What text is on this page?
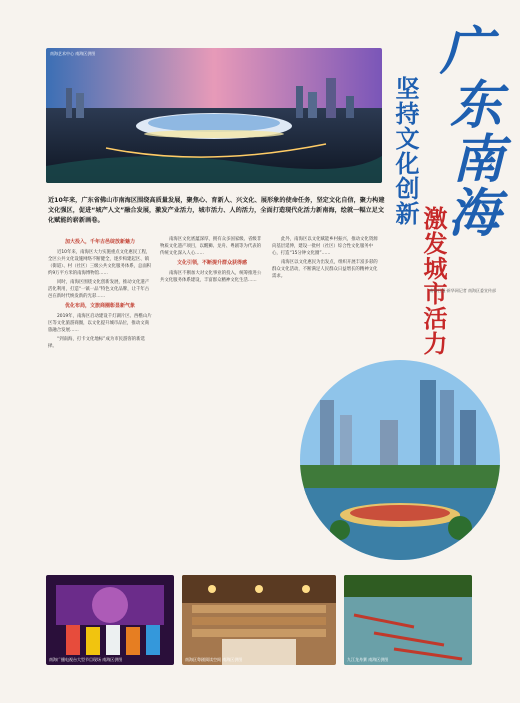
南海艺术中心 南海区供图	广
东
南
海
坚持文化创新
激发城市活力
近10年来，广东省佛山市南海区围绕高质量发展，聚焦心、育新人、兴文化、展形象的使命任务，坚定文化自信，聚力构建文化强区，促进“城产人文”融合发展，激发产业活力，城市活力、人的活力，全面打造现代化活力新南海，绘就一幅立足文化赋能的崭新画卷。

加大投入，千年古邑绽放新魅力

近10年来，南海区大力实施重点文化惠民工程，全区公共文化设施网络不断健全，逐步构建起区、镇（街道）、村（社区）三级公共文化服务体系，总面积约9万平方米的南海博物馆……

同时，南海区围绕文化创新发展，推动文化遗产活化利用，打造“一镇一品”特色文化品牌，让千年古邑在新时代焕发新的光彩……

优化布局，文旅商圈彰显新气象

2019年，南海区启动建设千灯湖片区、西樵山片区等文化旅游商圈，以文化提升城市品位，推动文商旅融合发展……

“到南海，打卡文化地标”成为市民游客的新选择。

南海区文化底蕴深厚，拥有众多国家级、省级非物质文化遗产项目，以醒狮、龙舟、粤剧等为代表的传统文化深入人心……

文化引领，不断提升群众获得感

南海区不断加大对文化事业的投入，统筹推进公共文化服务体系建设，丰富群众精神文化生活……

此外，南海区以文化赋能乡村振兴，推动文化资源向基层延伸，建设一批村（社区）综合性文化服务中心，打造“15分钟文化圈”……

南海区以文化惠民为出发点，组织开展丰富多彩的群众文化活动，不断满足人民群众日益增长的精神文化需求。

南海日报·新华网记者 南海区委宣传部
南海广播电视台大型节目现场 南海区供图	南海区粤剧阅读空间 南海区供图	九江龙舟赛 南海区供图
